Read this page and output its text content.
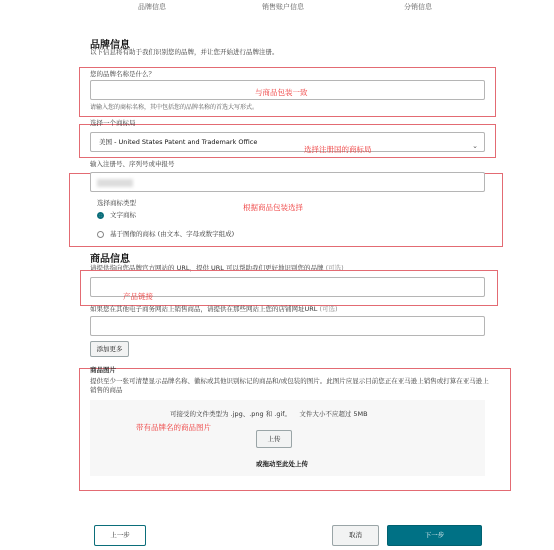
品牌信息	销售账户信息	分销信息
品牌信息
以下信息将有助于我们识别您的品牌，并让您开始进行品牌注册。
您的品牌名称是什么？
与商品包装一致
请输入您的商标名称，其中包括您的品牌名称的首选大写形式。
选择一个商标局
美国 - United States Patent and Trademark Office	⌄
选择注册国的商标局
输入注册号、序列号或申报号
选择商标类型
文字商标
基于图像的商标 (由文本、字母或数字组成)
根据商品包装选择
商品信息
请提供指向您品牌官方网站的 URL，提供 URL 可以帮助我们更好地识别您的品牌 (可选)
产品链接
如果您在其他电子商务网站上销售商品，请提供在那些网站上您的店铺网址URL (可选)
添加更多
商品图片
提供至少一张可清楚显示品牌名称、徽标或其他识别标记的商品和/或包装的图片。此图片应显示目前您正在亚马逊上销售或打算在亚马逊上销售的商品
可接受的文件类型为 .jpg、.png 和 .gif。 文件大小不应超过 5MB
上传
或拖动至此处上传
带有品牌名的商品图片
上一步	取消	下一步
